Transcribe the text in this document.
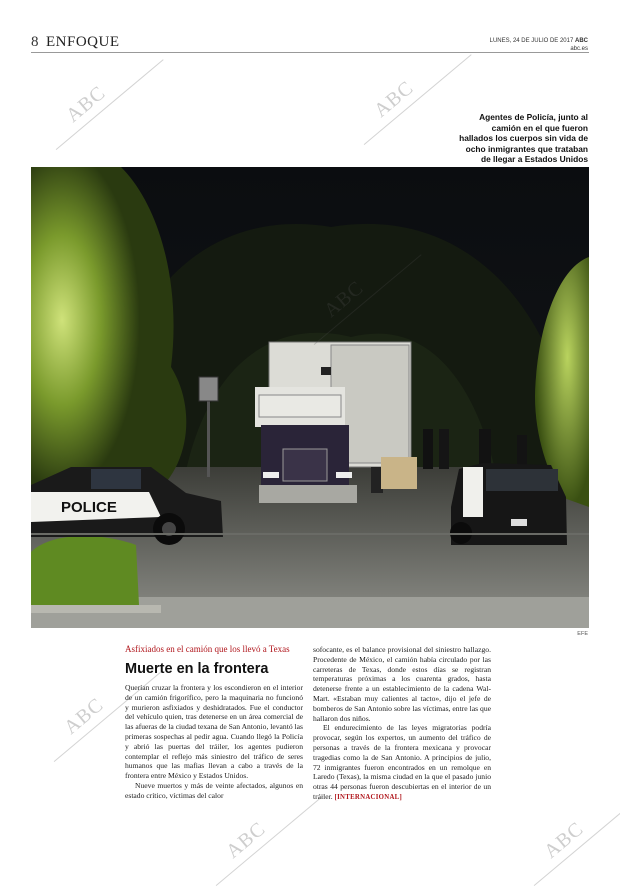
8 ENFOQUE	LUNES, 24 DE JULIO DE 2017 ABC
abc.es
Agentes de Policía, junto al camión en el que fueron hallados los cuerpos sin vida de ocho inmigrantes que trataban de llegar a Estados Unidos
POLICE
EFE
Asfixiados en el camión que los llevó a Texas
Muerte en la frontera

Querían cruzar la frontera y los escondieron en el interior de un camión frigorífico, pero la maquinaria no funcionó y murieron asfixiados y deshidratados. Fue el conductor del vehículo quien, tras detenerse en un área comercial de las afueras de la ciudad texana de San Antonio, levantó las primeras sospechas al pedir agua. Cuando llegó la Policía y abrió las puertas del tráiler, los agentes pudieron contemplar el reflejo más siniestro del tráfico de seres humanos que las mafias llevan a cabo a través de la frontera entre México y Estados Unidos.

Nueve muertos y más de veinte afectados, algunos en estado crítico, víctimas del calor

sofocante, es el balance provisional del siniestro hallazgo. Procedente de México, el camión había circulado por las carreteras de Texas, donde estos días se registran temperaturas próximas a los cuarenta grados, hasta detenerse frente a un establecimiento de la cadena Wal-Mart. «Estaban muy calientes al tacto», dijo el jefe de bomberos de San Antonio sobre las víctimas, entre las que hallaron dos niños.

El endurecimiento de las leyes migratorias podría provocar, según los expertos, un aumento del tráfico de personas a través de la frontera mexicana y provocar tragedias como la de San Antonio. A principios de julio, 72 inmigrantes fueron encontrados en un remolque en Laredo (Texas), la misma ciudad en la que el pasado junio otras 44 personas fueron descubiertas en el interior de un tráiler. [INTERNACIONAL]

ABC	ABC
ABC
ABC
ABC	ABC
